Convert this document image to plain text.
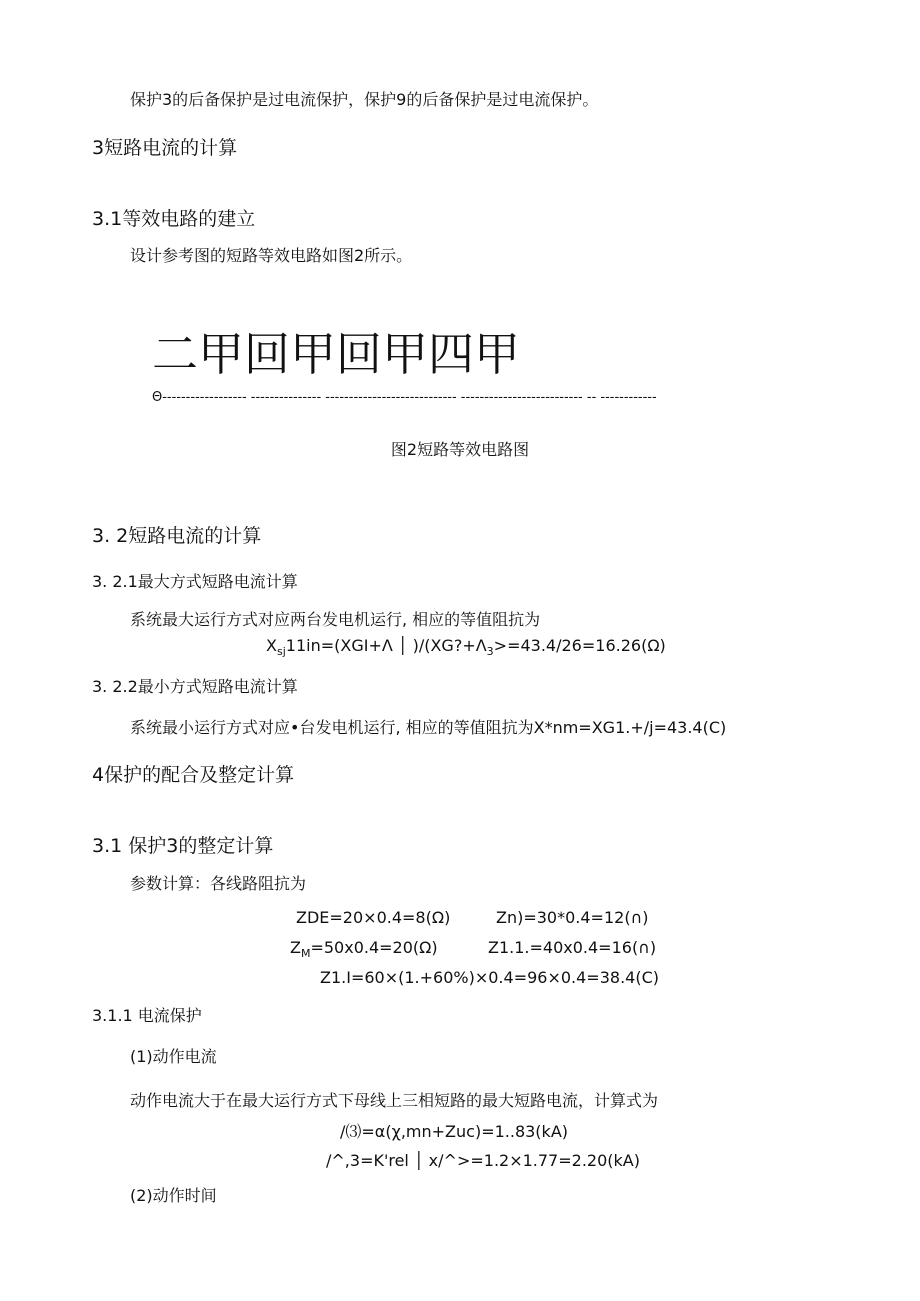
保护3的后备保护是过电流保护，保护9的后备保护是过电流保护。
3短路电流的计算
3.1等效电路的建立
设计参考图的短路等效电路如图2所示。
二甲回甲回甲四甲
Θ------------------ --------------- ---------------------------- -------------------------- -- ------------
图2短路等效电路图
3. 2短路电流的计算
3. 2.1最大方式短路电流计算
系统最大运行方式对应两台发电机运行, 相应的等值阻抗为
$X_{sj}11in=(XGI+\Lambda$ │ )$∕(XG?+\Lambda_3>=43.4∕26=16.26(\Omega)$
3. 2.2最小方式短路电流计算
系统最小运行方式对应•台发电机运行, 相应的等值阻抗为X*nm=XG1.+∕j=43.4(C)
4保护的配合及整定计算
3.1 保护3的整定计算
参数计算：各线路阻抗为
ZDE=20×0.4=8(Ω)	Zn)=30*0.4=12(∩)
$Z_M=50x0.4=20(\Omega)$	Z1.1.=40x0.4=16(∩)
Z1.I=60×(1.+60%)×0.4=96×0.4=38.4(C)
3.1.1 电流保护
(1)动作电流
动作电流大于在最大运行方式下母线上三相短路的最大短路电流，计算式为
/⑶=α(χ,mn+Zuc)=1..83(kA)
/^,3=K'rel │ x∕^>=1.2×1.77=2.20(kA)
(2)动作时间
